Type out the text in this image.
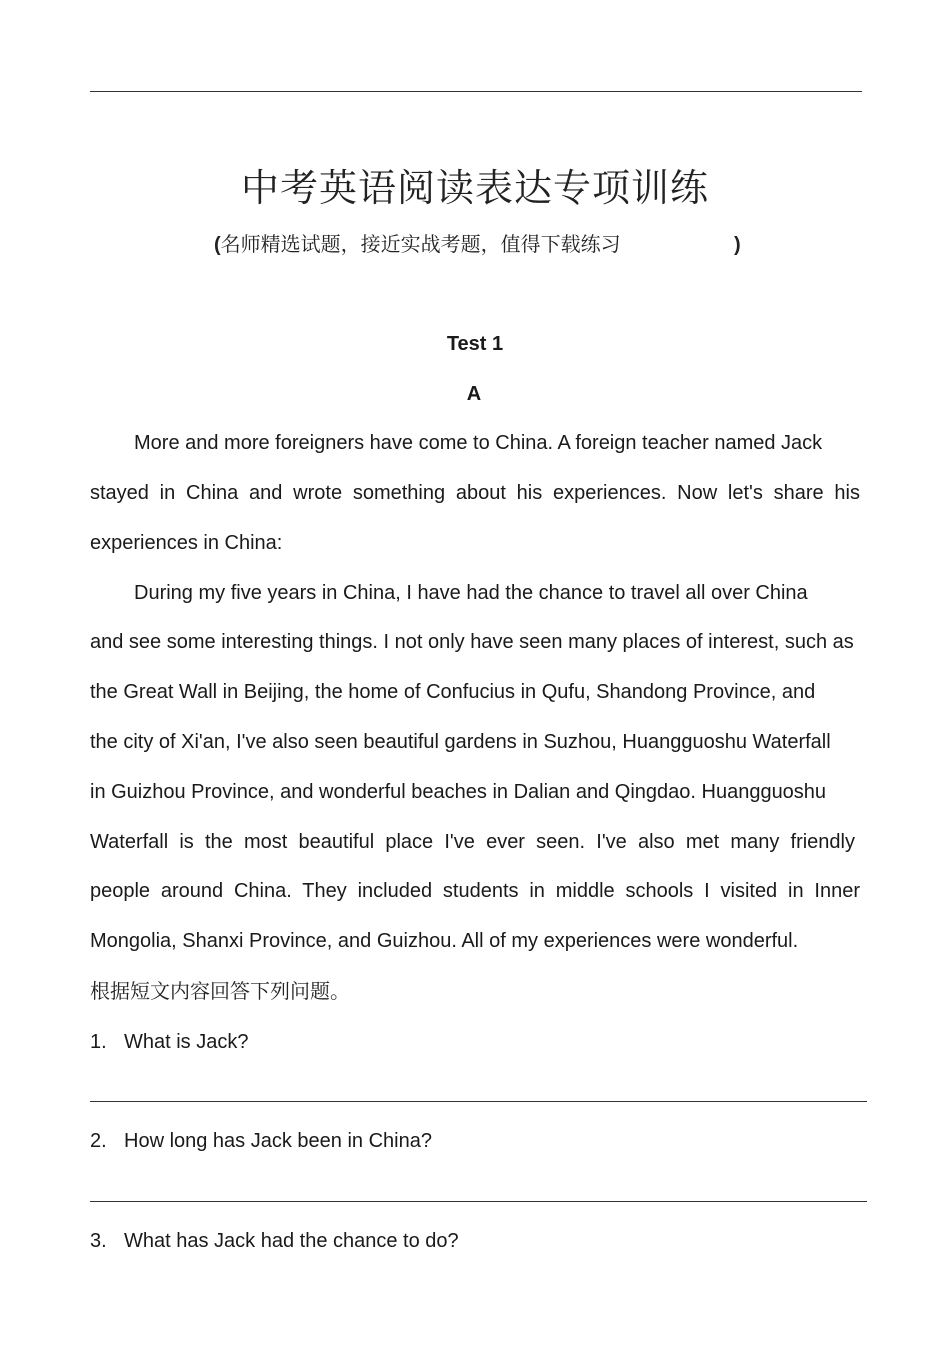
中考英语阅读表达专项训练
(名师精选试题，接近实战考题，值得下载练习	)
Test 1
A
More and more foreigners have come to China. A foreign teacher named Jack
stayed in China and wrote something about his experiences. Now let's share his
experiences in China:
During my five years in China, I have had the chance to travel all over China
and see some interesting things. I not only have seen many places of interest, such as
the Great Wall in Beijing, the home of Confucius in Qufu, Shandong Province, and
the city of Xi'an, I've also seen beautiful gardens in Suzhou, Huangguoshu Waterfall
in Guizhou Province, and wonderful beaches in Dalian and Qingdao. Huangguoshu
Waterfall is the most beautiful place I've ever seen. I've also met many friendly
people around China. They included students in middle schools I visited in Inner
Mongolia, Shanxi Province, and Guizhou. All of my experiences were wonderful.
根据短文内容回答下列问题。
1. What is Jack?
2. How long has Jack been in China?
3. What has Jack had the chance to do?
